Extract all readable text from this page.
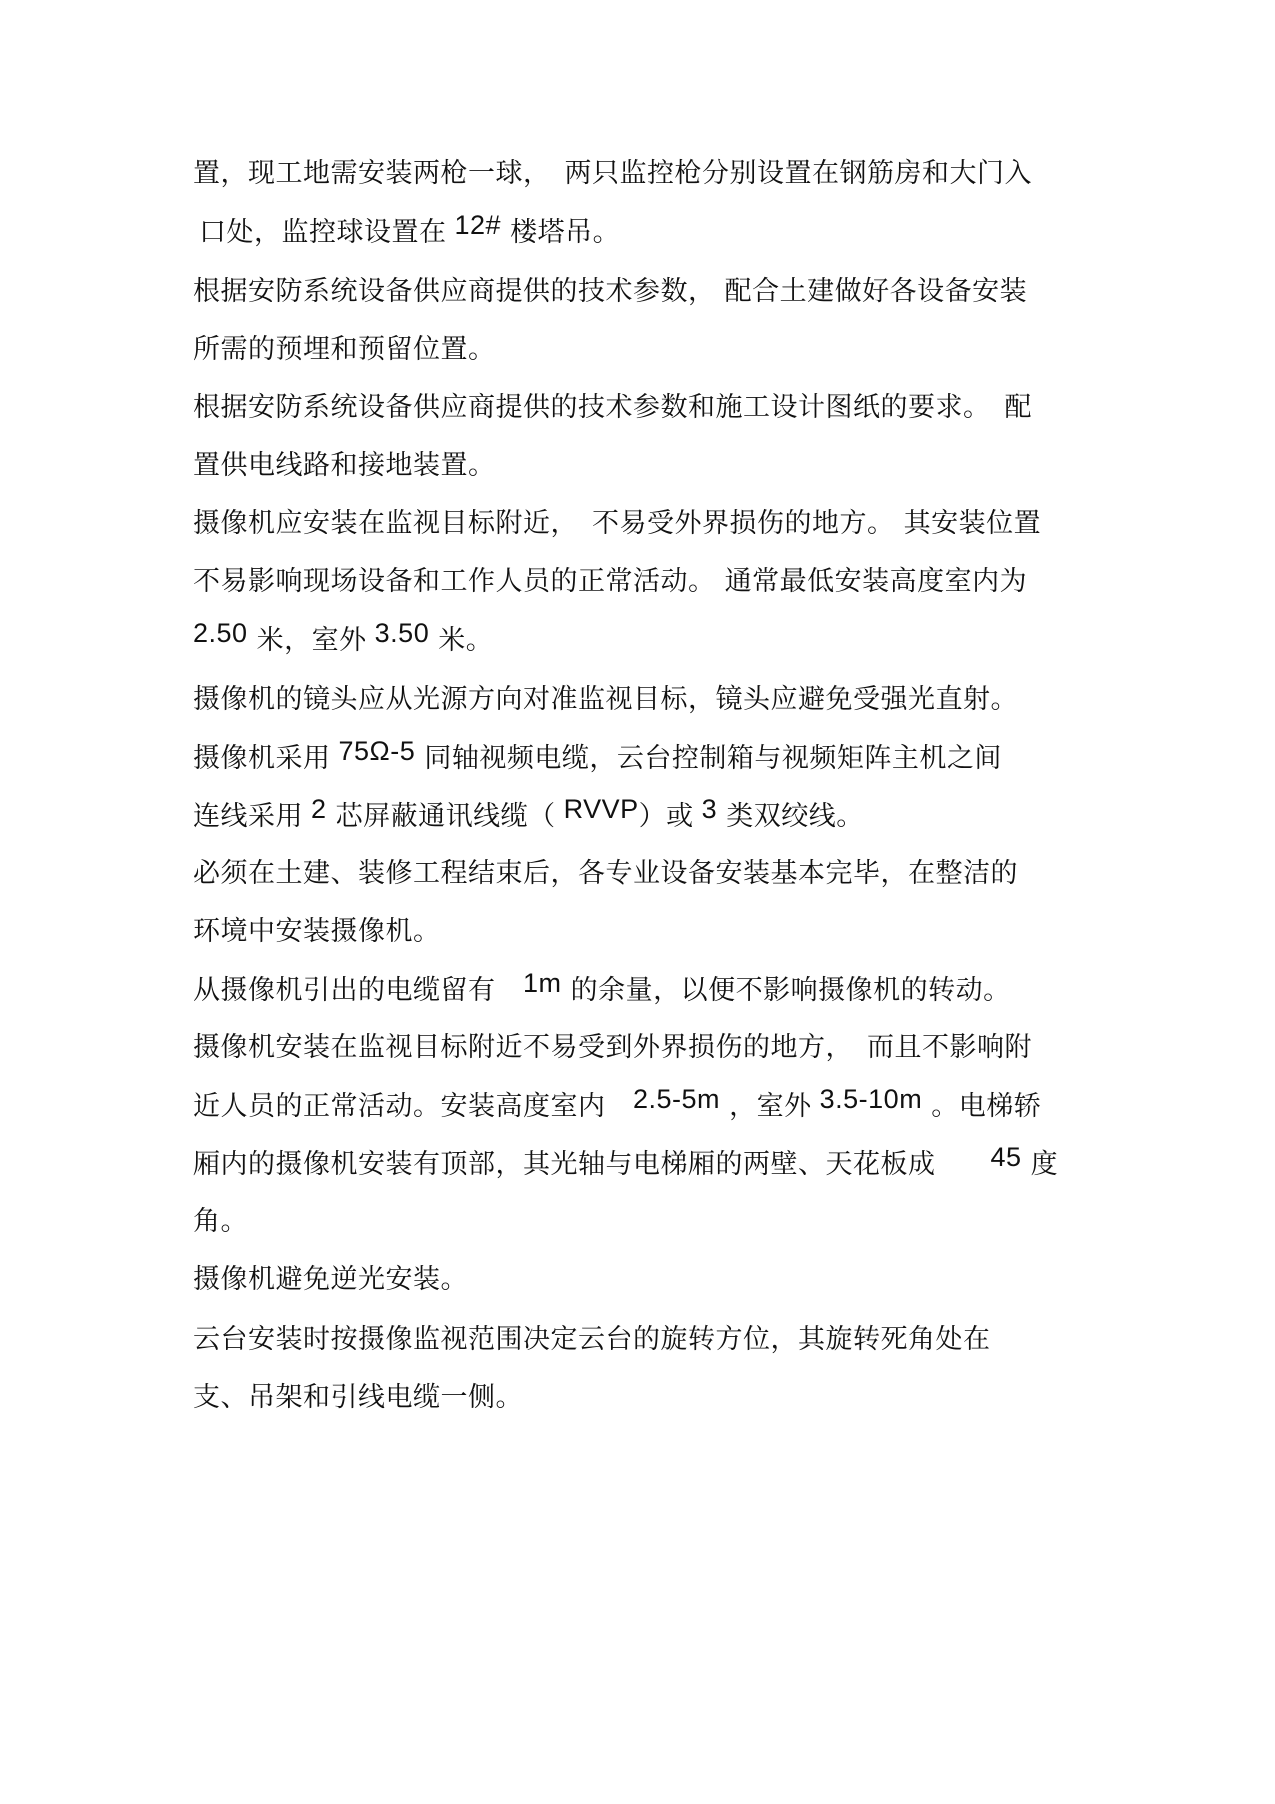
置，现工地需安装两枪一球，　两只监控枪分别设置在钢筋房和大门入
口处，监控球设置在 12# 楼塔吊。
根据安防系统设备供应商提供的技术参数， 配合土建做好各设备安装
所需的预埋和预留位置。
根据安防系统设备供应商提供的技术参数和施工设计图纸的要求。　配
置供电线路和接地装置。
摄像机应安装在监视目标附近，　不易受外界损伤的地方。 其安装位置
不易影响现场设备和工作人员的正常活动。 通常最低安装高度室内为
2.50 米，室外 3.50 米。
摄像机的镜头应从光源方向对准监视目标，镜头应避免受强光直射。
摄像机采用 75Ω-5 同轴视频电缆，云台控制箱与视频矩阵主机之间
连线采用 2 芯屏蔽通讯线缆（ RVVP）或 3 类双绞线。
必须在土建、装修工程结束后，各专业设备安装基本完毕，在整洁的
环境中安装摄像机。
从摄像机引出的电缆留有　1m 的余量，以便不影响摄像机的转动。
摄像机安装在监视目标附近不易受到外界损伤的地方，　而且不影响附
近人员的正常活动。安装高度室内　2.5-5m ，室外 3.5-10m 。电梯轿
厢内的摄像机安装有顶部，其光轴与电梯厢的两壁、天花板成　　45 度
角。
摄像机避免逆光安装。
云台安装时按摄像监视范围决定云台的旋转方位，其旋转死角处在
支、吊架和引线电缆一侧。
